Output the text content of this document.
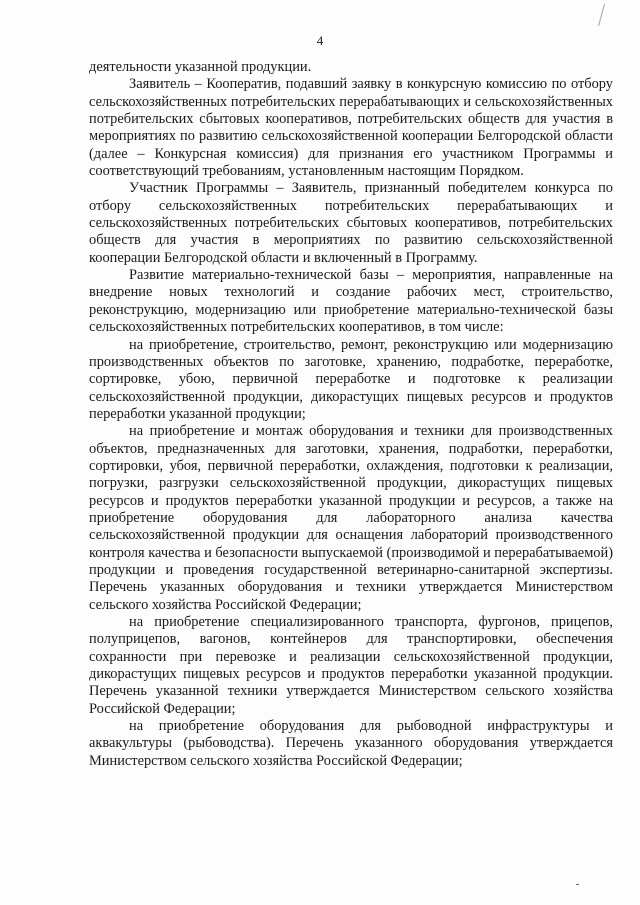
4

деятельности указанной продукции.

Заявитель – Кооператив, подавший заявку в конкурсную комиссию по отбору сельскохозяйственных потребительских перерабатывающих и сельскохозяйственных потребительских сбытовых кооперативов, потребительских обществ для участия в мероприятиях по развитию сельскохозяйственной кооперации Белгородской области (далее – Конкурсная комиссия) для признания его участником Программы и соответствующий требованиям, установленным настоящим Порядком.

Участник Программы – Заявитель, признанный победителем конкурса по отбору сельскохозяйственных потребительских перерабатывающих и сельскохозяйственных потребительских сбытовых кооперативов, потребительских обществ для участия в мероприятиях по развитию сельскохозяйственной кооперации Белгородской области и включенный в Программу.

Развитие материально-технической базы – мероприятия, направленные на внедрение новых технологий и создание рабочих мест, строительство, реконструкцию, модернизацию или приобретение материально-технической базы сельскохозяйственных потребительских кооперативов, в том числе:

на приобретение, строительство, ремонт, реконструкцию или модернизацию производственных объектов по заготовке, хранению, подработке, переработке, сортировке, убою, первичной переработке и подготовке к реализации сельскохозяйственной продукции, дикорастущих пищевых ресурсов и продуктов переработки указанной продукции;

на приобретение и монтаж оборудования и техники для производственных объектов, предназначенных для заготовки, хранения, подработки, переработки, сортировки, убоя, первичной переработки, охлаждения, подготовки к реализации, погрузки, разгрузки сельскохозяйственной продукции, дикорастущих пищевых ресурсов и продуктов переработки указанной продукции и ресурсов, а также на приобретение оборудования для лабораторного анализа качества сельскохозяйственной продукции для оснащения лабораторий производственного контроля качества и безопасности выпускаемой (производимой и перерабатываемой) продукции и проведения государственной ветеринарно-санитарной экспертизы. Перечень указанных оборудования и техники утверждается Министерством сельского хозяйства Российской Федерации;

на приобретение специализированного транспорта, фургонов, прицепов, полуприцепов, вагонов, контейнеров для транспортировки, обеспечения сохранности при перевозке и реализации сельскохозяйственной продукции, дикорастущих пищевых ресурсов и продуктов переработки указанной продукции. Перечень указанной техники утверждается Министерством сельского хозяйства Российской Федерации;

на приобретение оборудования для рыбоводной инфраструктуры и аквакультуры (рыбоводства). Перечень указанного оборудования утверждается Министерством сельского хозяйства Российской Федерации;
